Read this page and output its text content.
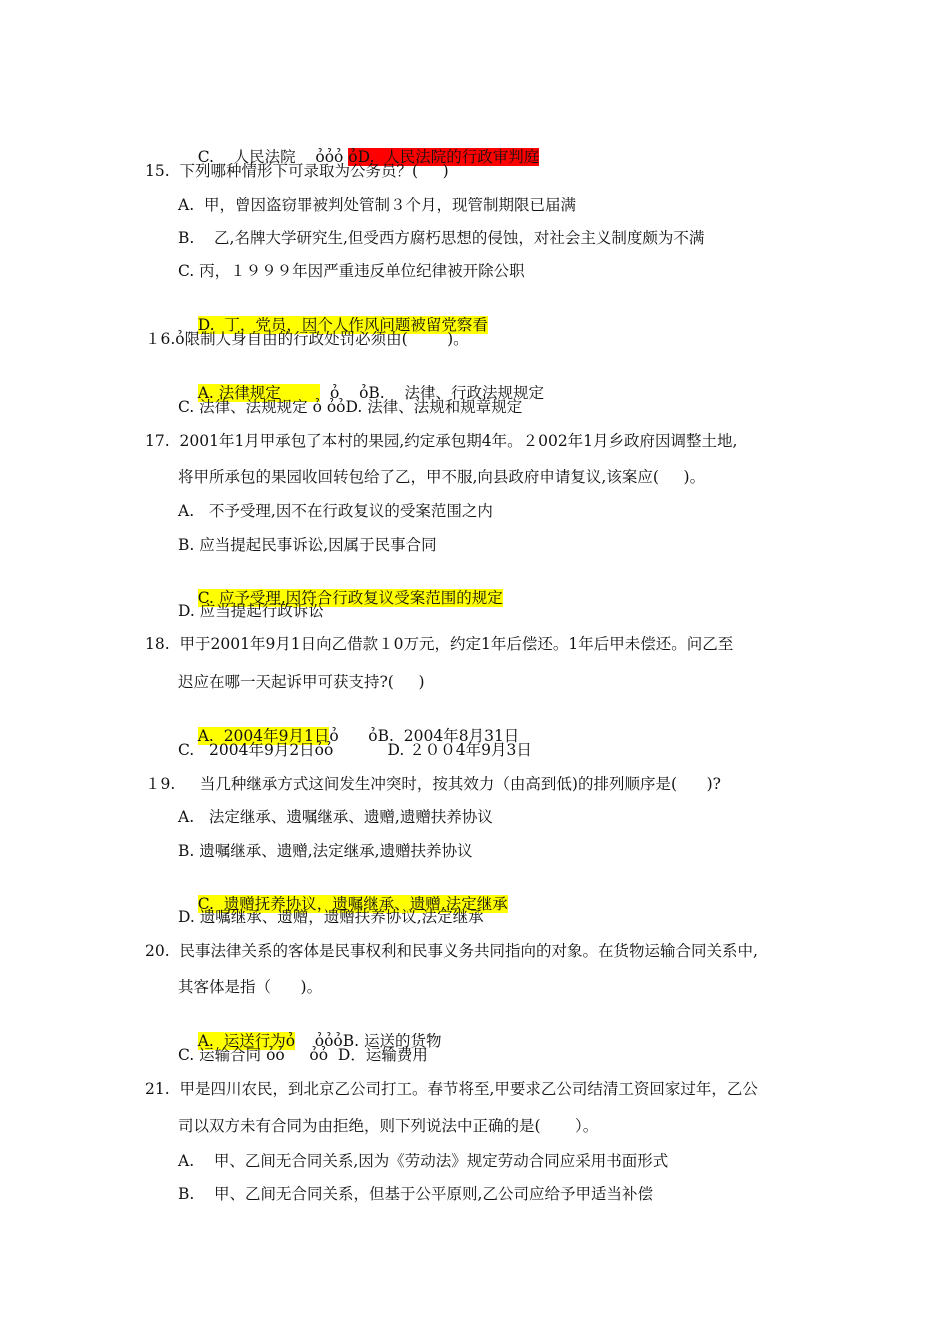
C.    人民法院    ỏỏỏ ỏD.  人民法院的行政审判庭

15.  下列哪种情形下可录取为公务员？(     )
A.  甲，曾因盗窃罪被判处管制３个月，现管制期限已届满
B.    乙,名牌大学研究生,但受西方腐朽思想的侵蚀，对社会主义制度颇为不满
C. 丙，１９９９年因严重违反单位纪律被开除公职

D.  丁，党员，因个人作风问题被留党察看

１6.ỏ限制人身自由的行政处罚必须由(        )。

A. 法律规定          ỏ    ỏB.    法律、行政法规规定

C. 法律、法规规定 ỏ ỏỏD. 法律、法规和规章规定
17.  2001年1月甲承包了本村的果园,约定承包期4年。２002年1月乡政府因调整土地,
将甲所承包的果园收回转包给了乙，甲不服,向县政府申请复议,该案应(     )。
A.   不予受理,因不在行政复议的受案范围之内
B. 应当提起民事诉讼,因属于民事合同

C. 应予受理,因符合行政复议受案范围的规定

D. 应当提起行政诉讼
18.  甲于2001年9月1日向乙借款１0万元，约定1年后偿还。1年后甲未偿还。问乙至
迟应在哪一天起诉甲可获支持?(     )

A.  2004年9月1日ỏ      ỏB.  2004年8月31日

C.   2004年9月2日ỏỏ           D. ２００4年9月3日
１9.     当几种继承方式这间发生冲突时，按其效力（由高到低)的排列顺序是(      )?
A.   法定继承、遗嘱继承、遗赠,遗赠扶养协议
B. 遗嘱继承、遗赠,法定继承,遗赠扶养协议

C.  遗赠抚养协议，遗嘱继承、遗赠,法定继承

D. 遗嘱继承、遗赠，遗赠扶养协议,法定继承
20.  民事法律关系的客体是民事权利和民事义务共同指向的对象。在货物运输合同关系中,
其客体是指（      )。

A.  运送行为ỏ    ỏỏỏB. 运送的货物

C. 运输合同 ỏỏ     ỏỏ  D．运输费用
21.  甲是四川农民，到北京乙公司打工。春节将至,甲要求乙公司结清工资回家过年，乙公
司以双方未有合同为由拒绝，则下列说法中正确的是(       ）。
A.    甲、乙间无合同关系,因为《劳动法》规定劳动合同应采用书面形式
B.    甲、乙间无合同关系，但基于公平原则,乙公司应给予甲适当补偿
